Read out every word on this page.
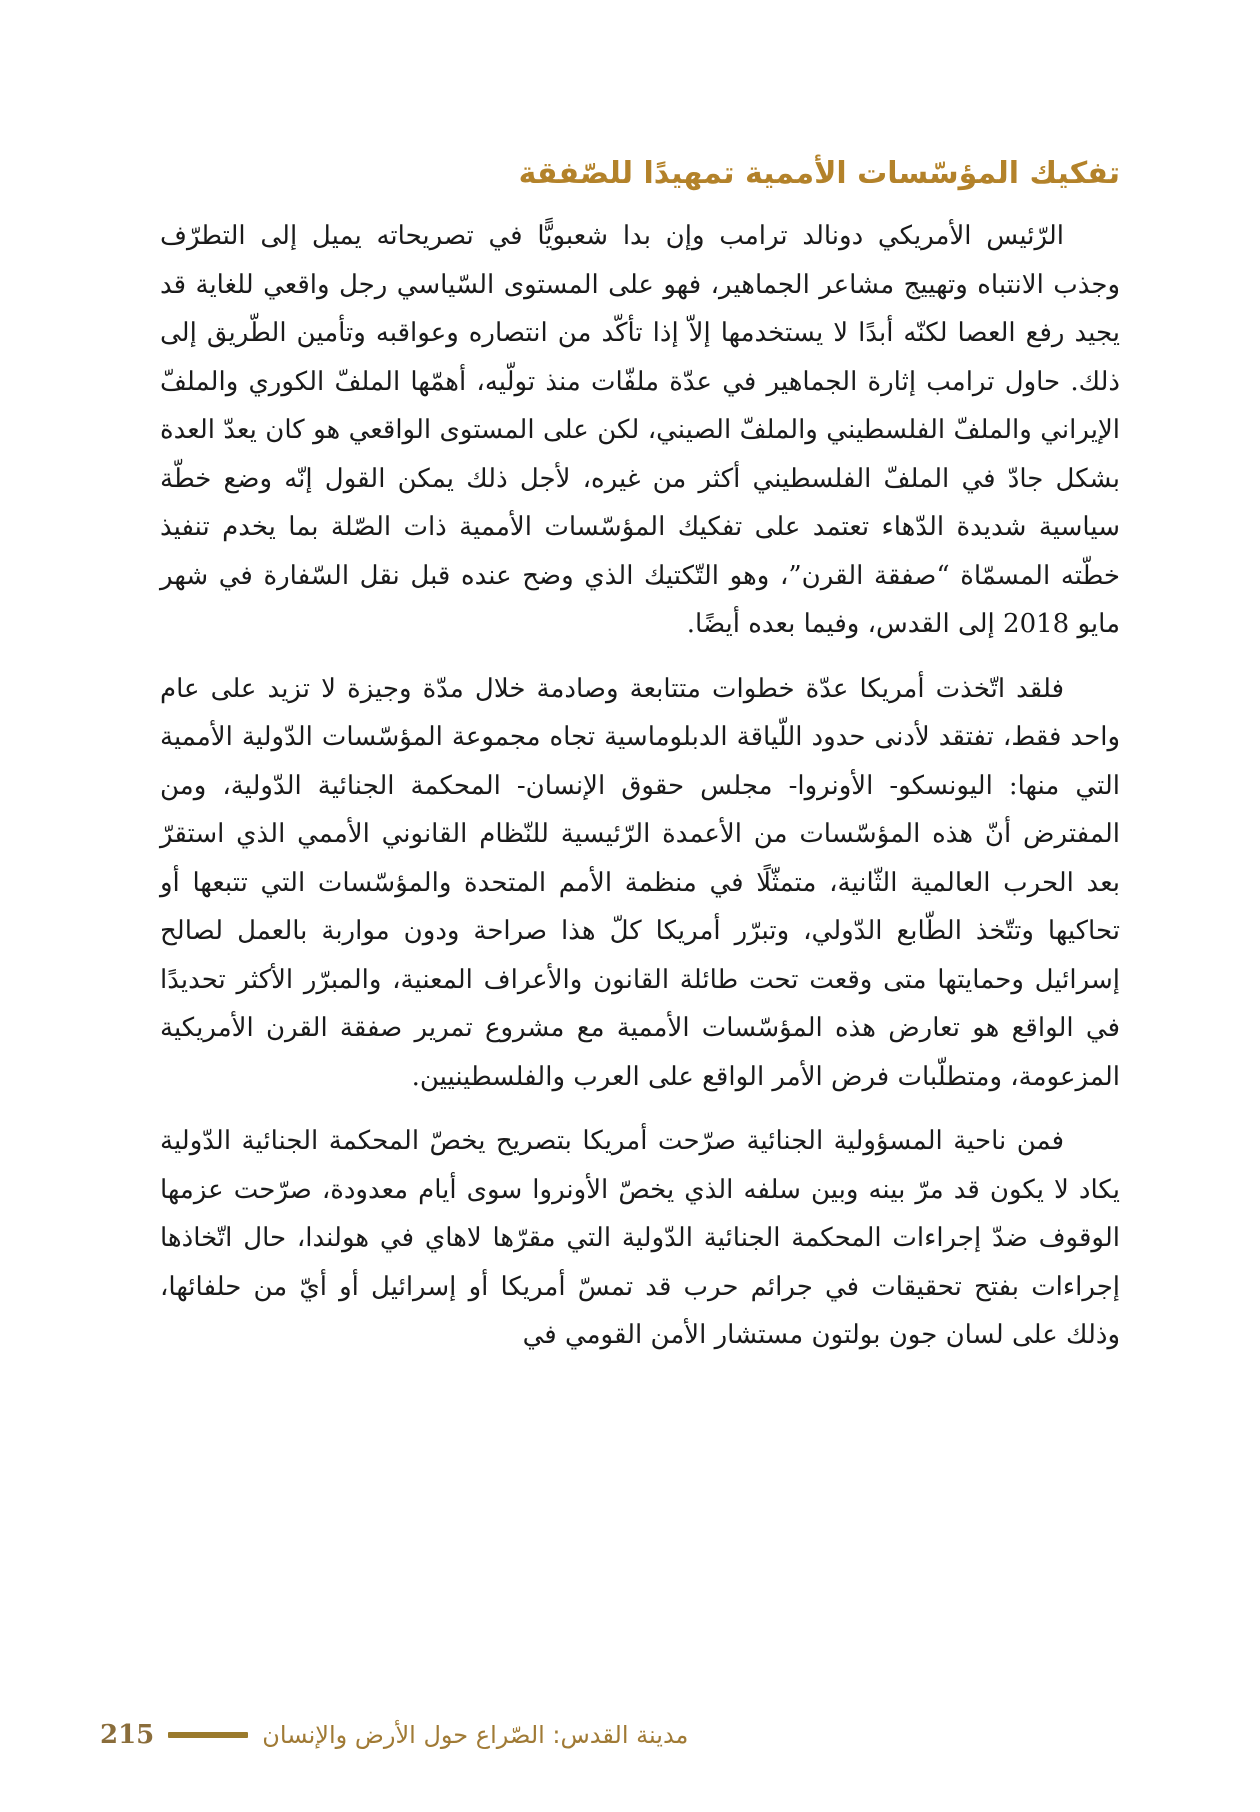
تفكيك المؤسّسات الأممية تمهيدًا للصّفقة

الرّئيس الأمريكي دونالد ترامب وإن بدا شعبويًّا في تصريحاته يميل إلى التطرّف وجذب الانتباه وتهييج مشاعر الجماهير، فهو على المستوى السّياسي رجل واقعي للغاية قد يجيد رفع العصا لكنّه أبدًا لا يستخدمها إلاّ إذا تأكّد من انتصاره وعواقبه وتأمين الطّريق إلى ذلك. حاول ترامب إثارة الجماهير في عدّة ملفّات منذ تولّيه، أهمّها الملفّ الكوري والملفّ الإيراني والملفّ الفلسطيني والملفّ الصيني، لكن على المستوى الواقعي هو كان يعدّ العدة بشكل جادّ في الملفّ الفلسطيني أكثر من غيره، لأجل ذلك يمكن القول إنّه وضع خطّة سياسية شديدة الدّهاء تعتمد على تفكيك المؤسّسات الأممية ذات الصّلة بما يخدم تنفيذ خطّته المسمّاة “صفقة القرن”، وهو التّكتيك الذي وضح عنده قبل نقل السّفارة في شهر مايو 2018 إلى القدس، وفيما بعده أيضًا.

فلقد اتّخذت أمريكا عدّة خطوات متتابعة وصادمة خلال مدّة وجيزة لا تزيد على عام واحد فقط، تفتقد لأدنى حدود اللّياقة الدبلوماسية تجاه مجموعة المؤسّسات الدّولية الأممية التي منها: اليونسكو- الأونروا- مجلس حقوق الإنسان- المحكمة الجنائية الدّولية، ومن المفترض أنّ هذه المؤسّسات من الأعمدة الرّئيسية للنّظام القانوني الأممي الذي استقرّ بعد الحرب العالمية الثّانية، متمثّلًا في منظمة الأمم المتحدة والمؤسّسات التي تتبعها أو تحاكيها وتتّخذ الطّابع الدّولي، وتبرّر أمريكا كلّ هذا صراحة ودون مواربة بالعمل لصالح إسرائيل وحمايتها متى وقعت تحت طائلة القانون والأعراف المعنية، والمبرّر الأكثر تحديدًا في الواقع هو تعارض هذه المؤسّسات الأممية مع مشروع تمرير صفقة القرن الأمريكية المزعومة، ومتطلّبات فرض الأمر الواقع على العرب والفلسطينيين.

فمن ناحية المسؤولية الجنائية صرّحت أمريكا بتصريح يخصّ المحكمة الجنائية الدّولية يكاد لا يكون قد مرّ بينه وبين سلفه الذي يخصّ الأونروا سوى أيام معدودة، صرّحت عزمها الوقوف ضدّ إجراءات المحكمة الجنائية الدّولية التي مقرّها لاهاي في هولندا، حال اتّخاذها إجراءات بفتح تحقيقات في جرائم حرب قد تمسّ أمريكا أو إسرائيل أو أيّ من حلفائها، وذلك على لسان جون بولتون مستشار الأمن القومي في

215	مدينة القدس: الصّراع حول الأرض والإنسان
